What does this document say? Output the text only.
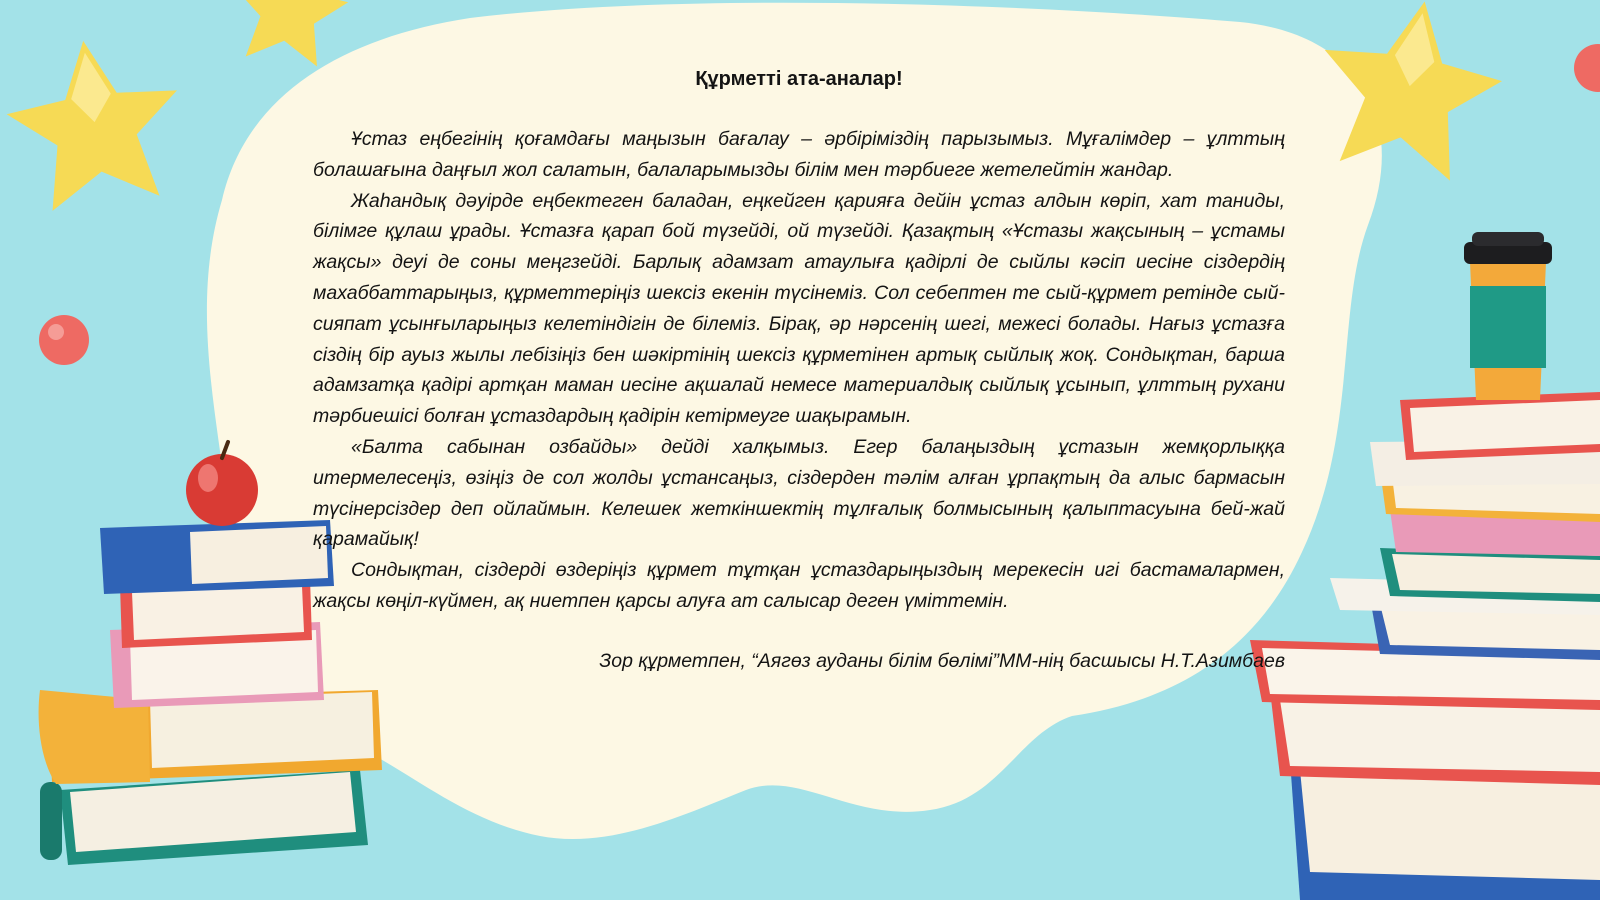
Құрметті ата-аналар!

Ұстаз еңбегінің қоғамдағы маңызын бағалау – әрбіріміздің парызымыз. Мұғалімдер – ұлттың болашағына даңғыл жол салатын, балаларымызды білім мен тәрбиеге жетелейтін жандар.

Жаһандық дәуірде еңбектеген баладан, еңкейген қарияға дейін ұстаз алдын көріп, хат таниды, білімге құлаш ұрады. Ұстазға қарап бой түзейді, ой түзейді. Қазақтың «Ұстазы жақсының – ұстамы жақсы» деуі де соны меңгзейді. Барлық адамзат атаулыға қадірлі де сыйлы кәсіп иесіне сіздердің махаббаттарыңыз, құрметтеріңіз шексіз екенін түсінеміз. Сол себептен те сый-құрмет ретінде сый-сияпат ұсынғыларыңыз келетіндігін де білеміз. Бірақ, әр нәрсенің шегі, межесі болады. Нағыз ұстазға сіздің бір ауыз жылы лебізіңіз бен шәкіртінің шексіз құрметінен артық сыйлық жоқ. Сондықтан, барша адамзатқа қадірі артқан маман иесіне ақшалай немесе материалдық сыйлық ұсынып, ұлттың рухани тәрбиешісі болған ұстаздардың қадірін кетірмеуге шақырамын.

«Балта сабынан озбайды» дейді халқымыз. Егер балаңыздың ұстазын жемқорлыққа итермелесеңіз, өзіңіз де сол жолды ұстансаңыз, сіздерден тәлім алған ұрпақтың да алыс бармасын түсінерсіздер деп ойлаймын. Келешек жеткіншектің тұлғалық болмысының қалыптасуына бей-жай қарамайық!

Сондықтан, сіздерді өздеріңіз құрмет тұтқан ұстаздарыңыздың мерекесін игі бастамалармен, жақсы көңіл-күймен, ақ ниетпен қарсы алуға ат салысар деген үміттемін.

Зор құрметпен, “Аягөз ауданы білім бөлімі”ММ-нің басшысы Н.Т.Азимбаев
